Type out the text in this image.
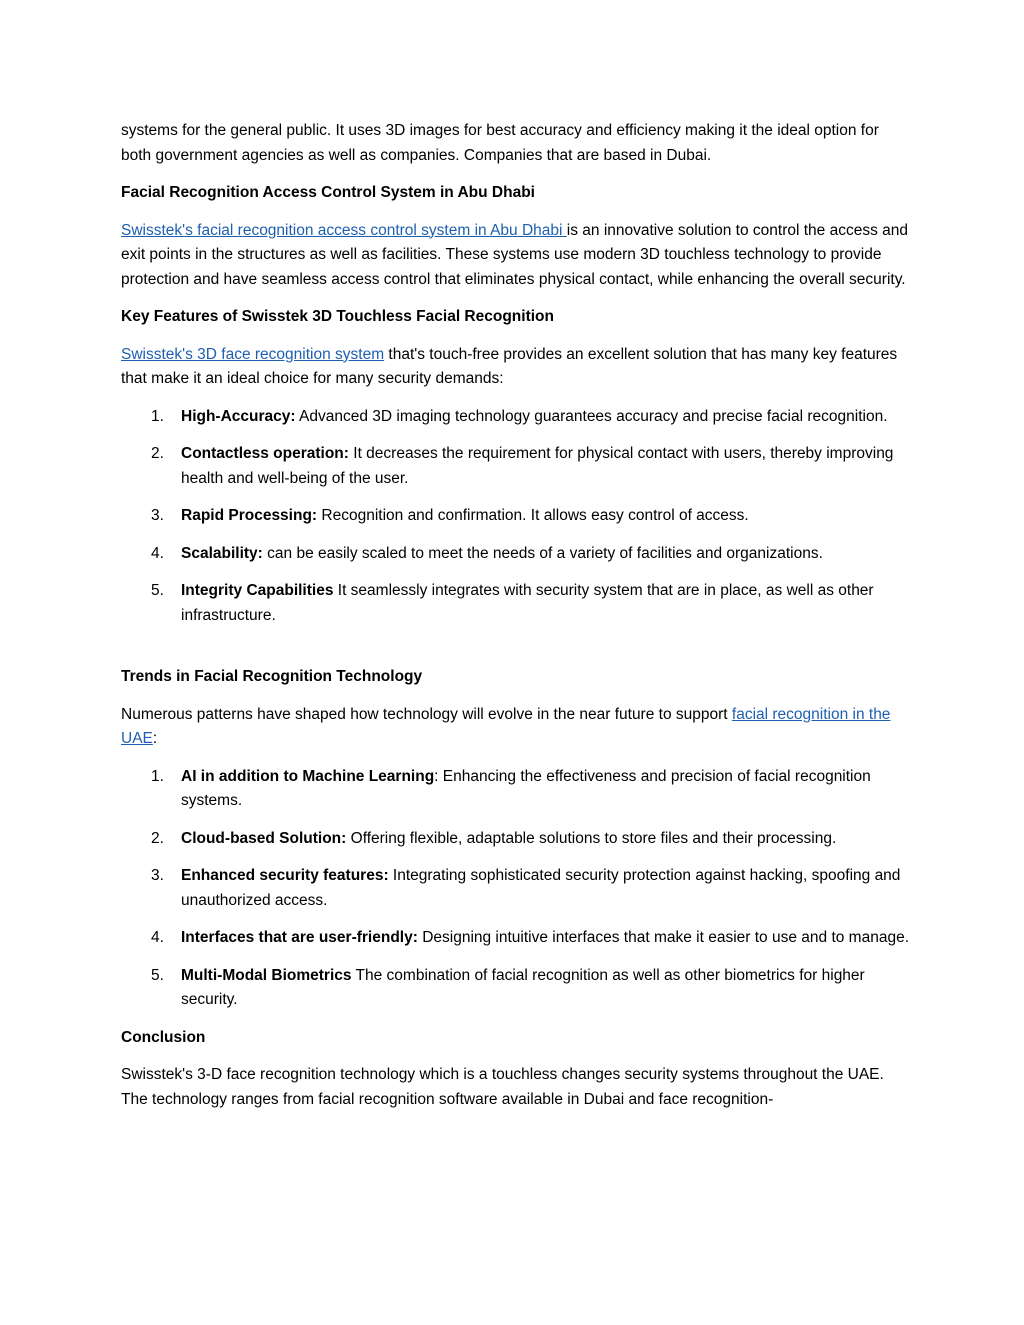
systems for the general public. It uses 3D images for best accuracy and efficiency making it the ideal option for both government agencies as well as companies. Companies that are based in Dubai.

Facial Recognition Access Control System in Abu Dhabi

Swisstek's facial recognition access control system in Abu Dhabi is an innovative solution to control the access and exit points in the structures as well as facilities. These systems use modern 3D touchless technology to provide protection and have seamless access control that eliminates physical contact, while enhancing the overall security.

Key Features of Swisstek 3D Touchless Facial Recognition

Swisstek's 3D face recognition system that's touch-free provides an excellent solution that has many key features that make it an ideal choice for many security demands:

1. High-Accuracy: Advanced 3D imaging technology guarantees accuracy and precise facial recognition.
2. Contactless operation: It decreases the requirement for physical contact with users, thereby improving health and well-being of the user.
3. Rapid Processing: Recognition and confirmation. It allows easy control of access.
4. Scalability: can be easily scaled to meet the needs of a variety of facilities and organizations.
5. Integrity Capabilities It seamlessly integrates with security system that are in place, as well as other infrastructure.
Trends in Facial Recognition Technology

Numerous patterns have shaped how technology will evolve in the near future to support facial recognition in the UAE:

1. AI in addition to Machine Learning: Enhancing the effectiveness and precision of facial recognition systems.
2. Cloud-based Solution: Offering flexible, adaptable solutions to store files and their processing.
3. Enhanced security features: Integrating sophisticated security protection against hacking, spoofing and unauthorized access.
4. Interfaces that are user-friendly: Designing intuitive interfaces that make it easier to use and to manage.
5. Multi-Modal Biometrics The combination of facial recognition as well as other biometrics for higher security.
Conclusion

Swisstek's 3-D face recognition technology which is a touchless changes security systems throughout the UAE. The technology ranges from facial recognition software available in Dubai and face recognition-
